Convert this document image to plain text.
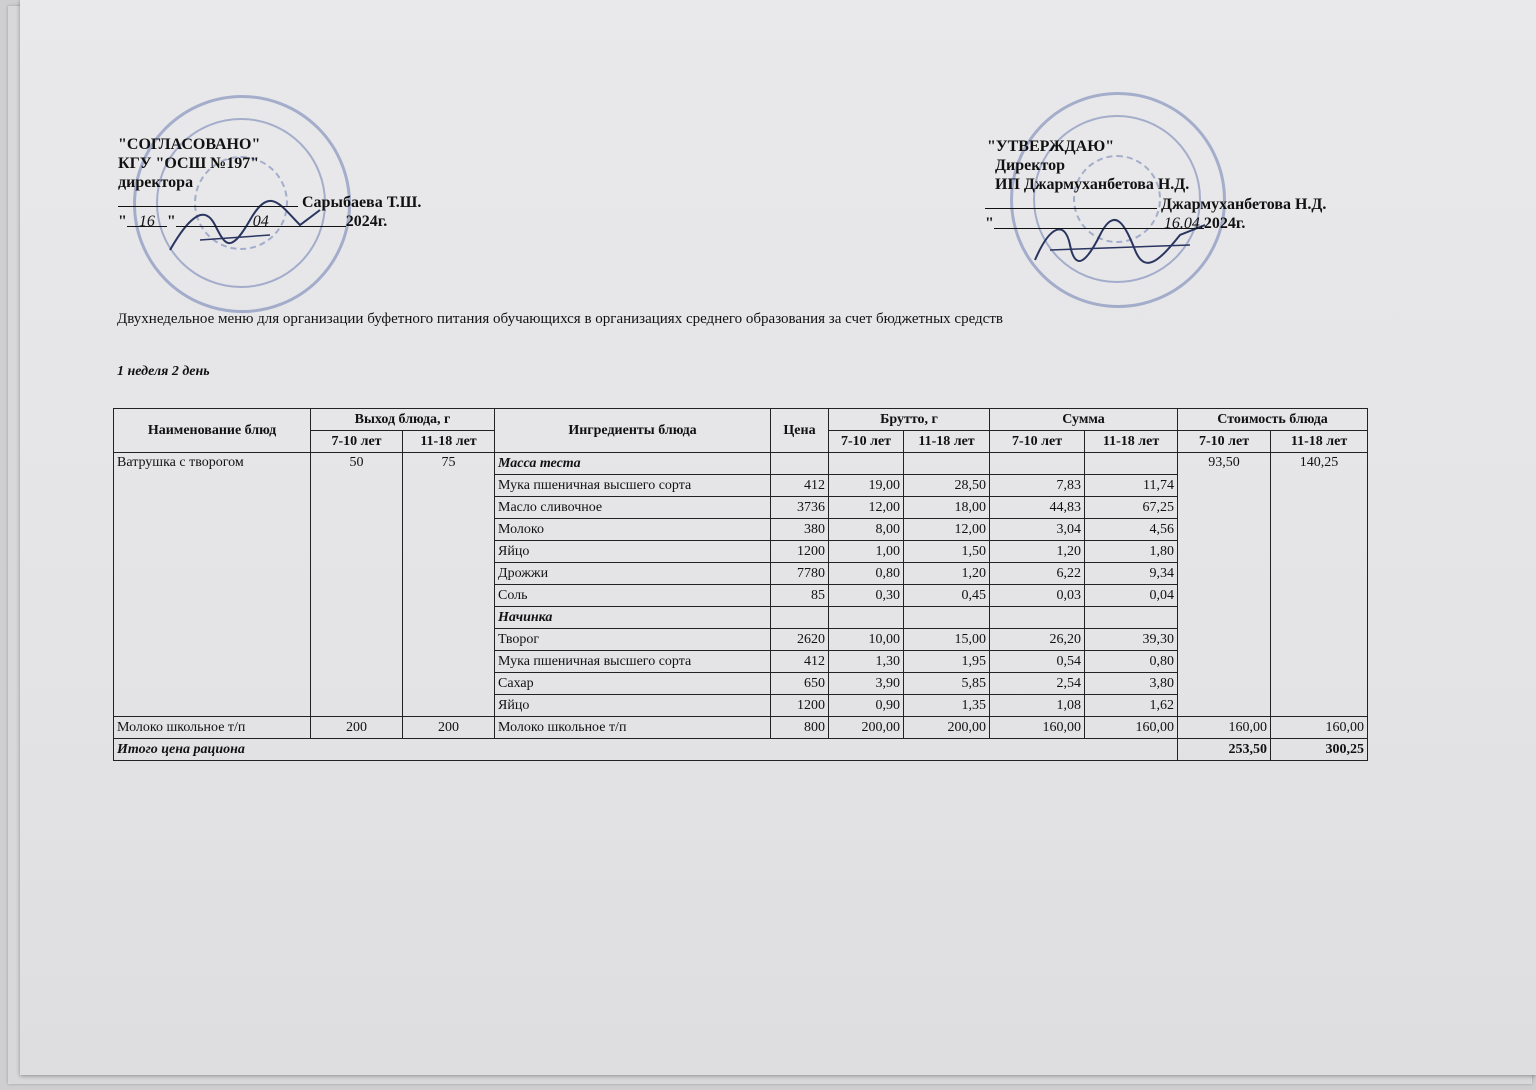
"СОГЛАСОВАНО"
КГУ "ОСШ №197"
директора
Сарыбаева Т.Ш.
" 16 "	04	2024г.
"УТВЕРЖДАЮ"
Директор
ИП Джармуханбетова Н.Д.
Джармуханбетова Н.Д.
"	16.04.2024г.
Двухнедельное меню для организации буфетного питания обучающихся в организациях среднего образования за счет бюджетных средств
1 неделя 2 день
Наименование блюд	Выход блюда, г		Ингредиенты блюда	Цена	Брутто, г		Сумма		Стоимость блюда	
	7-10 лет	11-18 лет			7-10 лет	11-18 лет	7-10 лет	11-18 лет	7-10 лет	11-18 лет
Ватрушка с творогом	50	75	Масса теста						93,50	140,25
			Мука пшеничная высшего сорта	412	19,00	28,50	7,83	11,74		
			Масло сливочное	3736	12,00	18,00	44,83	67,25		
			Молоко	380	8,00	12,00	3,04	4,56		
			Яйцо	1200	1,00	1,50	1,20	1,80		
			Дрожжи	7780	0,80	1,20	6,22	9,34		
			Соль	85	0,30	0,45	0,03	0,04		
			Начинка							
			Творог	2620	10,00	15,00	26,20	39,30		
			Мука пшеничная высшего сорта	412	1,30	1,95	0,54	0,80		
			Сахар	650	3,90	5,85	2,54	3,80		
			Яйцо	1200	0,90	1,35	1,08	1,62		
Молоко школьное т/п	200	200	Молоко школьное т/п	800	200,00	200,00	160,00	160,00	160,00	160,00
Итого цена рациона									253,50	300,25
